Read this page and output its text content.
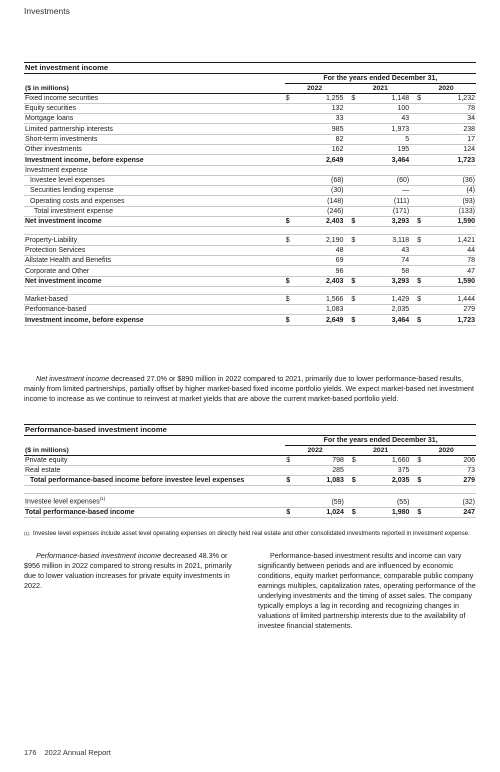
Investments
Net investment income
	For the years ended December 31,							
($ in millions)	2022			2021			2020	
Fixed income securities	$	1,255		$	1,148		$	1,232
Equity securities		132			100			78
Mortgage loans		33			43			34
Limited partnership interests		985			1,973			238
Short-term investments		82			5			17
Other investments		162			195			124
Investment income, before expense		2,649			3,464			1,723
Investment expense								
Investee level expenses		(68)			(60)			(36)
Securities lending expense		(30)			—			(4)
Operating costs and expenses		(148)			(111)			(93)
Total investment expense		(246)			(171)			(133)
Net investment income	$	2,403		$	3,293		$	1,590

Property-Liability	$	2,190		$	3,118		$	1,421
Protection Services		48			43			44
Allstate Health and Benefits		69			74			78
Corporate and Other		96			58			47
Net investment income	$	2,403		$	3,293		$	1,590

Market-based	$	1,566		$	1,429		$	1,444
Performance-based		1,083			2,035			279
Investment income, before expense	$	2,649		$	3,464		$	1,723
Net investment income decreased 27.0% or $890 million in 2022 compared to 2021, primarily due to lower performance-based results, mainly from limited partnerships, partially offset by higher market-based fixed income portfolio yields. We expect market-based net investment income to increase as we continue to reinvest at market yields that are above the current market-based portfolio yield.
Performance-based investment income
	For the years ended December 31,							
($ in millions)	2022			2021			2020	
Private equity	$	798		$	1,660		$	206
Real estate		285			375			73
Total performance-based income before investee level expenses	$	1,083		$	2,035		$	279

Investee level expenses$^{(1)}$		(59)			(55)			(32)
Total performance-based income	$	1,024		$	1,980		$	247
$^{(1)}$ Investee level expenses include asset level operating expenses on directly held real estate and other consolidated investments reported in investment expense.
Performance-based investment income decreased 48.3% or $956 million in 2022 compared to strong results in 2021, primarily due to lower valuation increases for private equity investments in 2022.
Performance-based investment results and income can vary significantly between periods and are influenced by economic conditions, equity market performance, comparable public company earnings multiples, capitalization rates, operating performance of the underlying investments and the timing of asset sales. The company typically employs a lag in recording and recognizing changes in valuations of limited partnership interests due to the availability of investee financial statements.
176 2022 Annual Report
